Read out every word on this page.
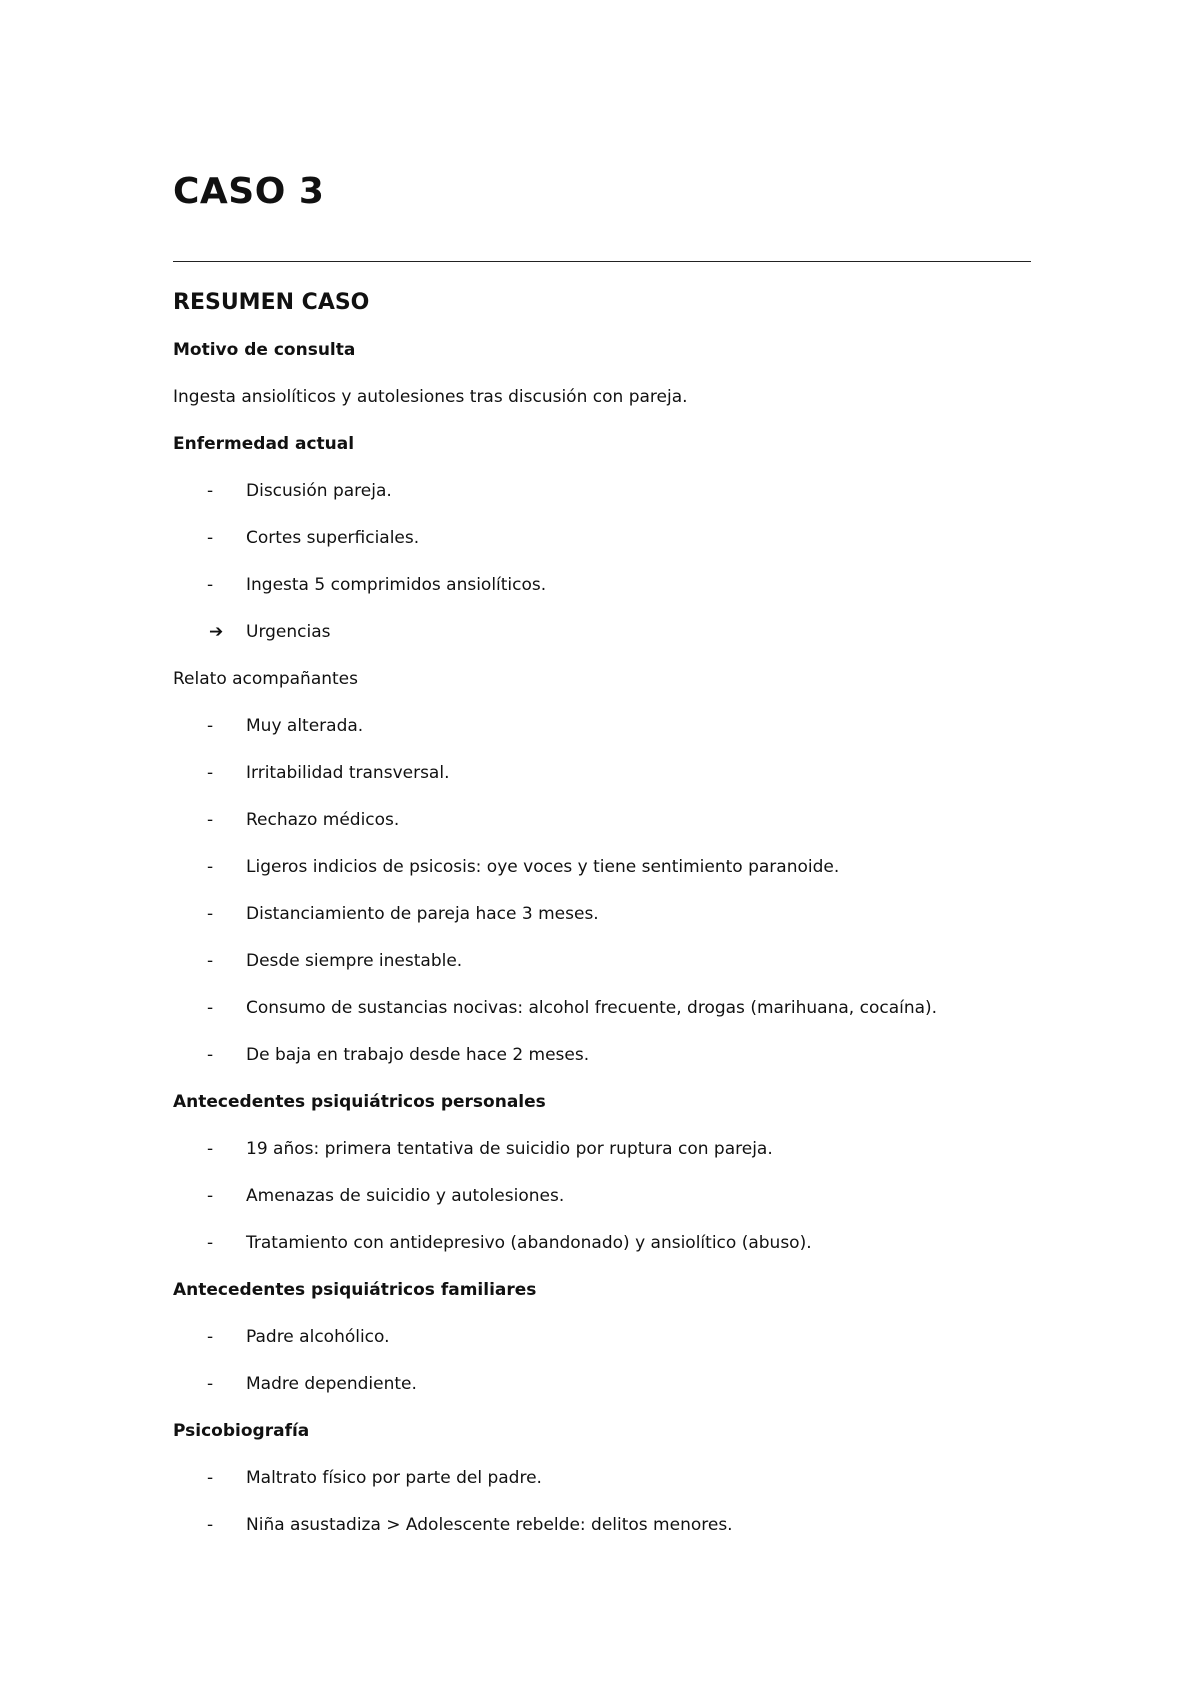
CASO 3
RESUMEN CASO
Motivo de consulta
Ingesta ansiolíticos y autolesiones tras discusión con pareja.
Enfermedad actual
-	Discusión pareja.
-	Cortes superficiales.
-	Ingesta 5 comprimidos ansiolíticos.
➔	Urgencias
Relato acompañantes
-	Muy alterada.
-	Irritabilidad transversal.
-	Rechazo médicos.
-	Ligeros indicios de psicosis: oye voces y tiene sentimiento paranoide.
-	Distanciamiento de pareja hace 3 meses.
-	Desde siempre inestable.
-	Consumo de sustancias nocivas: alcohol frecuente, drogas (marihuana, cocaína).
-	De baja en trabajo desde hace 2 meses.
Antecedentes psiquiátricos personales
-	19 años: primera tentativa de suicidio por ruptura con pareja.
-	Amenazas de suicidio y autolesiones.
-	Tratamiento con antidepresivo (abandonado) y ansiolítico (abuso).
Antecedentes psiquiátricos familiares
-	Padre alcohólico.
-	Madre dependiente.
Psicobiografía
-	Maltrato físico por parte del padre.
-	Niña asustadiza > Adolescente rebelde: delitos menores.
